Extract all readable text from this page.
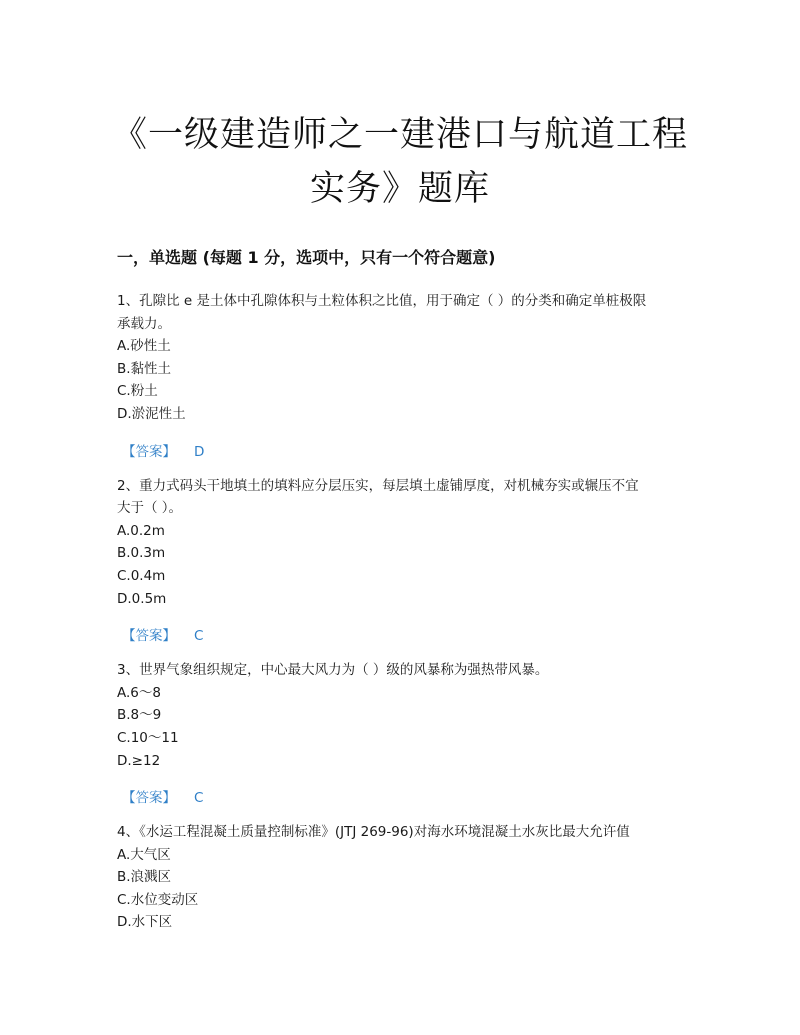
《一级建造师之一建港口与航道工程
实务》题库
一，单选题 (每题 1 分，选项中，只有一个符合题意)

1、孔隙比 e 是土体中孔隙体积与土粒体积之比值，用于确定（ ）的分类和确定单桩极限
承载力。

A.砂性土

B.黏性土

C.粉土

D.淤泥性土

【答案】 D

2、重力式码头干地填土的填料应分层压实，每层填土虚铺厚度，对机械夯实或辗压不宜
大于（ ）。

A.0.2m

B.0.3m

C.0.4m

D.0.5m

【答案】 C

3、世界气象组织规定，中心最大风力为（ ）级的风暴称为强热带风暴。

A.6～8

B.8～9

C.10～11

D.≥12

【答案】 C

4、《水运工程混凝土质量控制标准》(JTJ 269-96)对海水环境混凝土水灰比最大允许值

A.大气区

B.浪溅区

C.水位变动区

D.水下区
